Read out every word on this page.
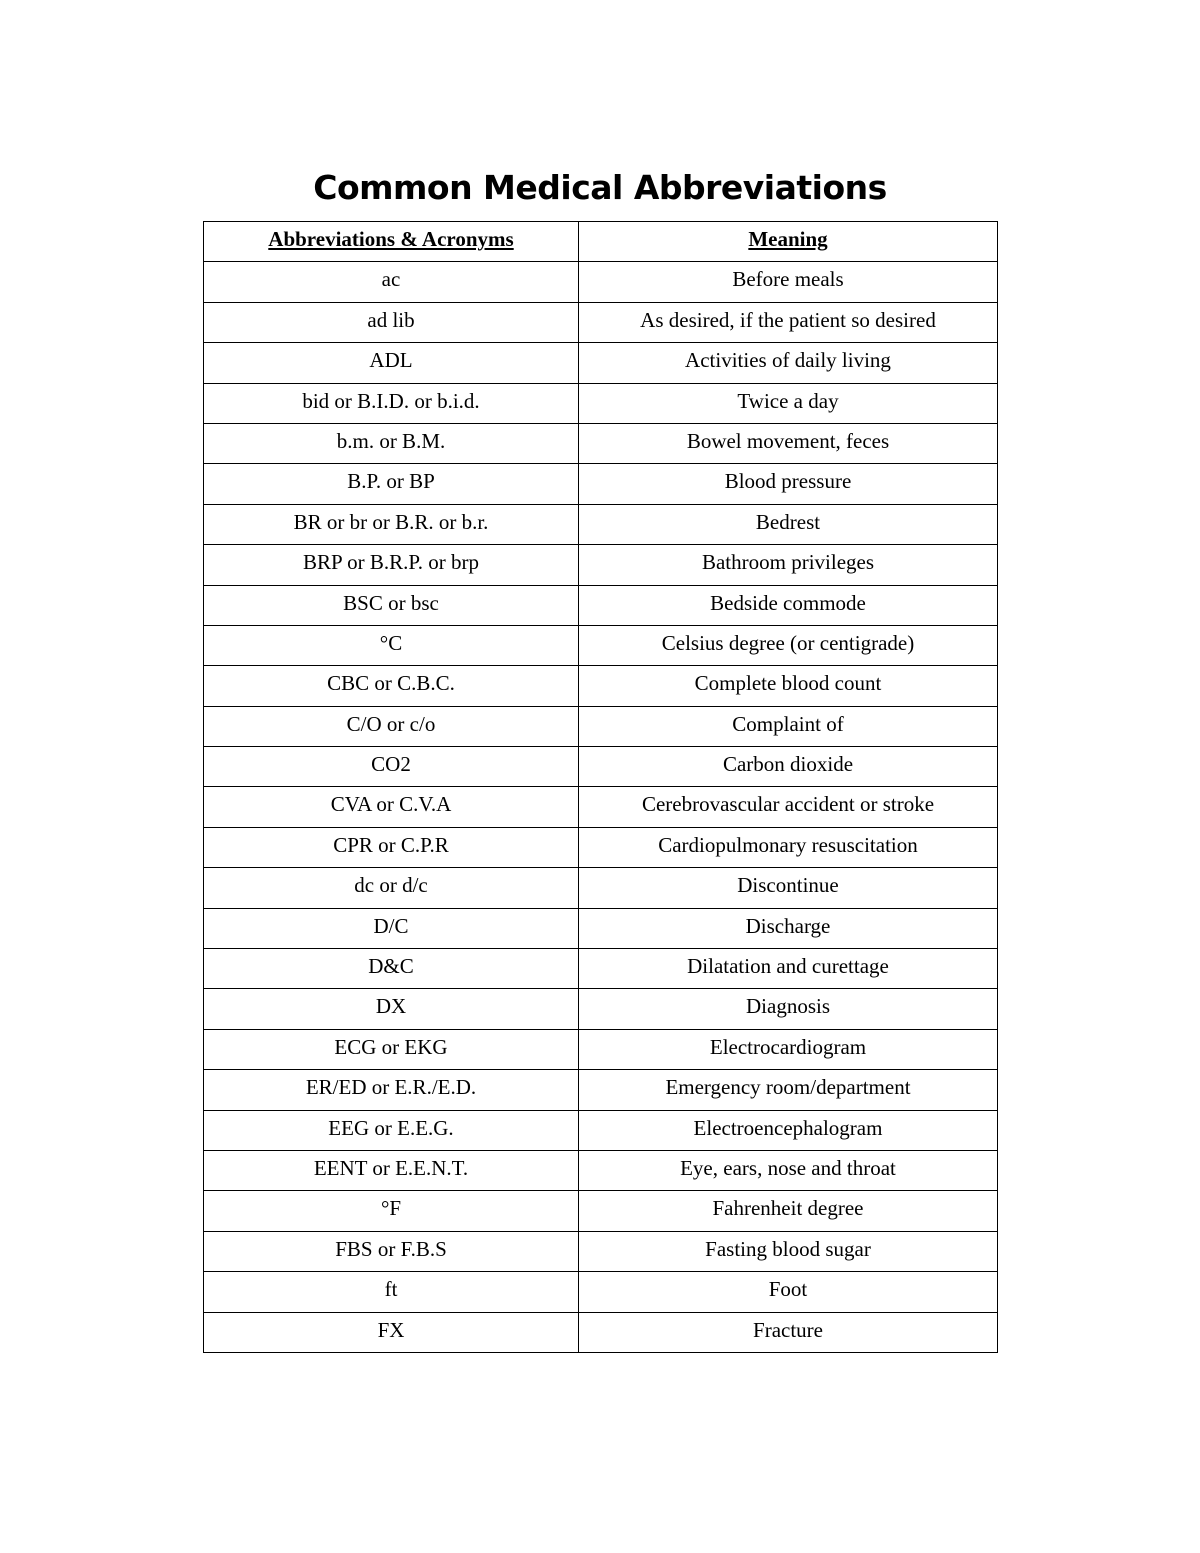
Common Medical Abbreviations
Abbreviations & Acronyms	Meaning
ac	Before meals
ad lib	As desired, if the patient so desired
ADL	Activities of daily living
bid or B.I.D. or b.i.d.	Twice a day
b.m. or B.M.	Bowel movement, feces
B.P. or BP	Blood pressure
BR or br or B.R. or b.r.	Bedrest
BRP or B.R.P. or brp	Bathroom privileges
BSC or bsc	Bedside commode
°C	Celsius degree (or centigrade)
CBC or C.B.C.	Complete blood count
C/O or c/o	Complaint of
CO2	Carbon dioxide
CVA or C.V.A	Cerebrovascular accident or stroke
CPR or C.P.R	Cardiopulmonary resuscitation
dc or d/c	Discontinue
D/C	Discharge
D&C	Dilatation and curettage
DX	Diagnosis
ECG or EKG	Electrocardiogram
ER/ED or E.R./E.D.	Emergency room/department
EEG or E.E.G.	Electroencephalogram
EENT or E.E.N.T.	Eye, ears, nose and throat
°F	Fahrenheit degree
FBS or F.B.S	Fasting blood sugar
ft	Foot
FX	Fracture
